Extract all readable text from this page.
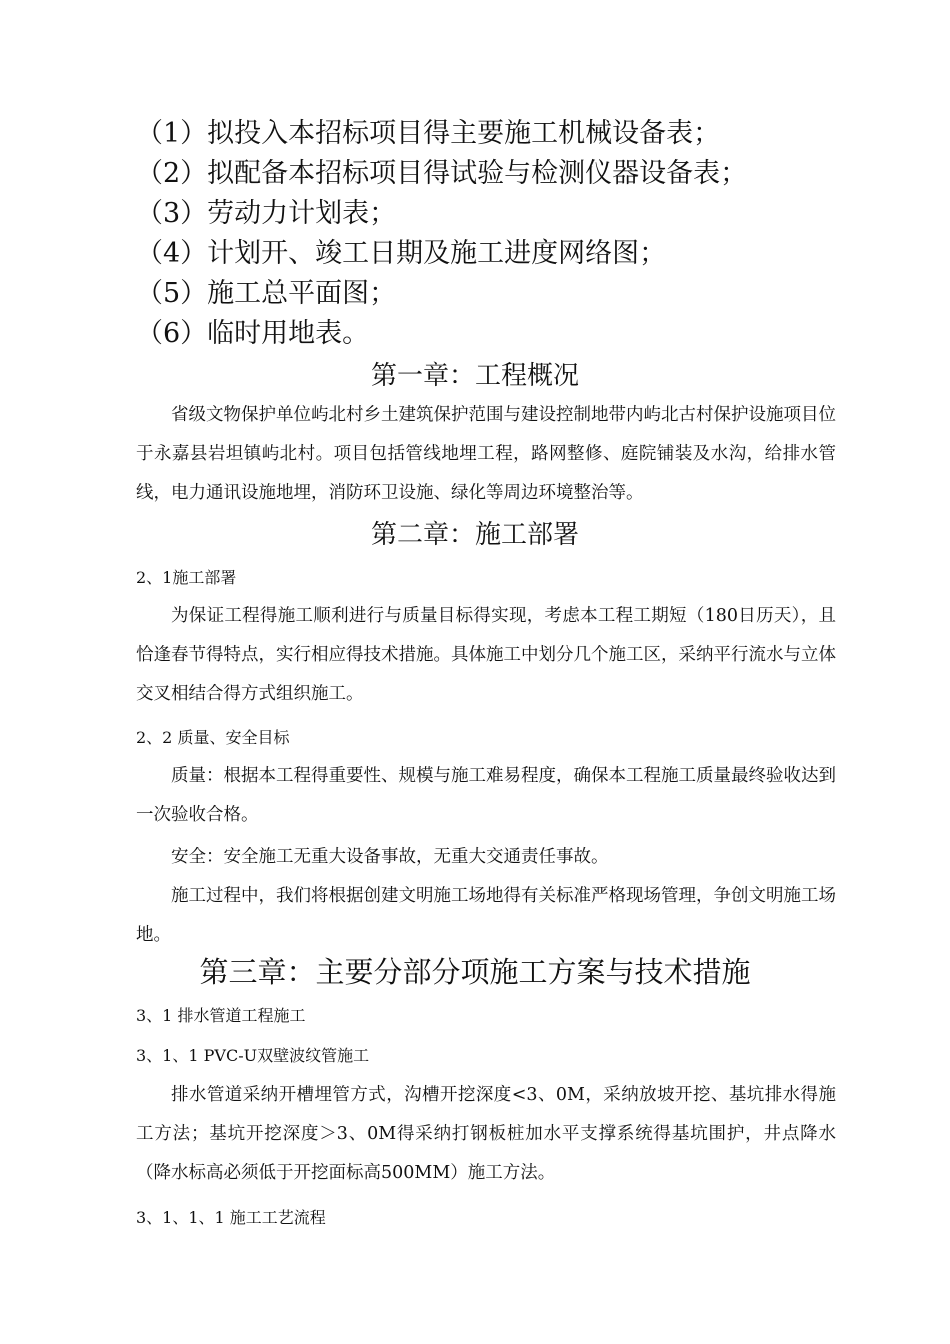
（1）拟投入本招标项目得主要施工机械设备表；
（2）拟配备本招标项目得试验与检测仪器设备表；
（3）劳动力计划表；
（4）计划开、竣工日期及施工进度网络图；
（5）施工总平面图；
（6）临时用地表。
第一章：工程概况
省级文物保护单位屿北村乡土建筑保护范围与建设控制地带内屿北古村保护设施项目位于永嘉县岩坦镇屿北村。项目包括管线地埋工程，路网整修、庭院铺装及水沟，给排水管线，电力通讯设施地埋，消防环卫设施、绿化等周边环境整治等。
第二章：施工部署
2、1施工部署
为保证工程得施工顺利进行与质量目标得实现，考虑本工程工期短（180日历天），且恰逢春节得特点，实行相应得技术措施。具体施工中划分几个施工区，采纳平行流水与立体交叉相结合得方式组织施工。
2、2 质量、安全目标
质量：根据本工程得重要性、规模与施工难易程度，确保本工程施工质量最终验收达到一次验收合格。
安全：安全施工无重大设备事故，无重大交通责任事故。
施工过程中，我们将根据创建文明施工场地得有关标准严格现场管理，争创文明施工场地。
第三章：主要分部分项施工方案与技术措施
3、1 排水管道工程施工
3、1、1 PVC-U双壁波纹管施工
排水管道采纳开槽埋管方式，沟槽开挖深度<3、0M，采纳放坡开挖、基坑排水得施工方法；基坑开挖深度＞3、0M得采纳打钢板桩加水平支撑系统得基坑围护，井点降水（降水标高必须低于开挖面标高500MM）施工方法。
3、1、1、1 施工工艺流程
